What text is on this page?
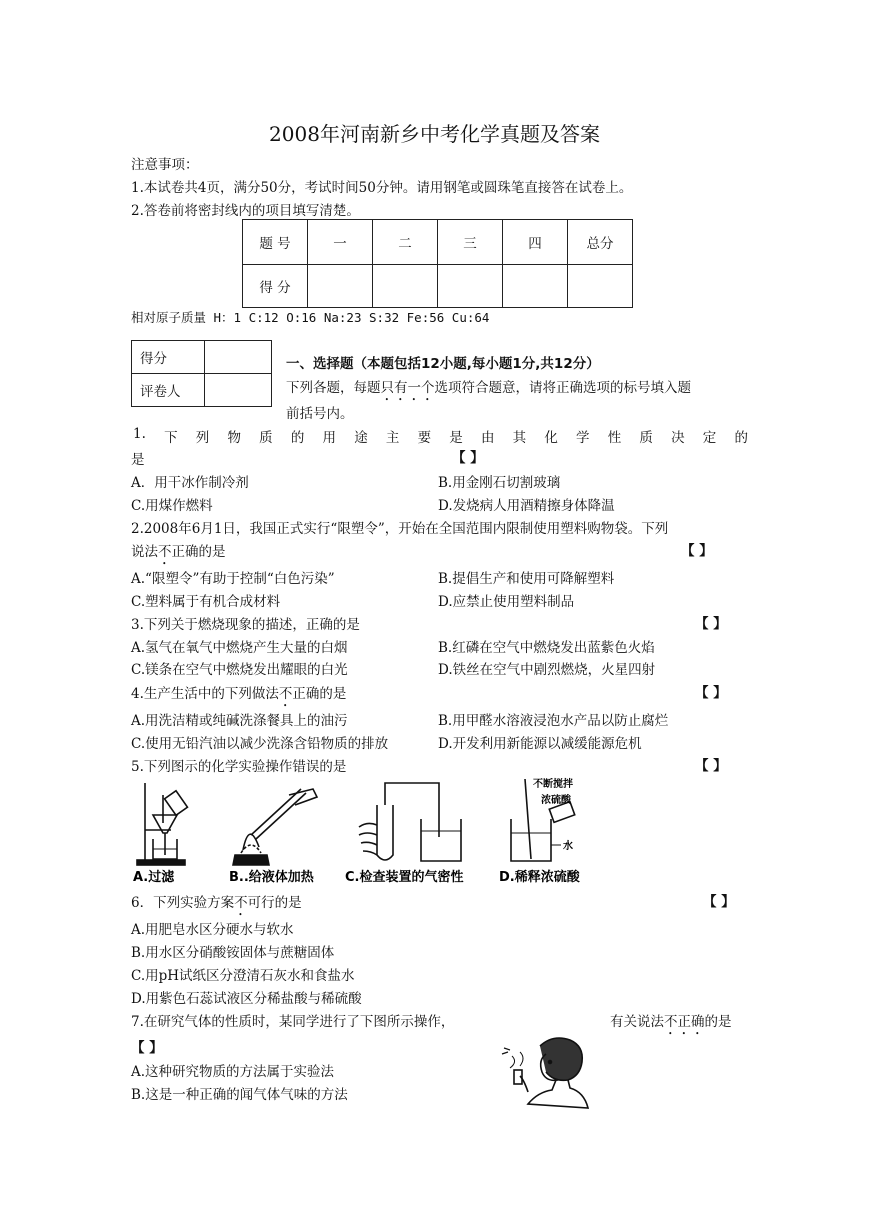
2008年河南新乡中考化学真题及答案
注意事项：
1.本试卷共4页，满分50分，考试时间50分钟。请用钢笔或圆珠笔直接答在试卷上。
2.答卷前将密封线内的项目填写清楚。
题 号	一	二	三	四	总分
得 分					
相对原子质量 H：1 C:12 O:16 Na:23 S:32 Fe:56 Cu:64
得分	
评卷人	
一、选择题（本题包括12小题,每小题1分,共12分）
下列各题，每题只有一个选项符合题意，请将正确选项的标号填入题
前括号内。
1. 下 列 物 质 的 用 途 主 要 是 由 其 化 学 性 质 决 定 的
是	【 】
A．用干冰作制冷剂	B.用金刚石切割玻璃
C.用煤作燃料	D.发烧病人用酒精擦身体降温
2.2008年6月1日，我国正式实行“限塑令”，开始在全国范围内限制使用塑料购物袋。下列
说法不正确的是	【 】
A.“限塑令”有助于控制“白色污染”	B.提倡生产和使用可降解塑料
C.塑料属于有机合成材料	D.应禁止使用塑料制品
3.下列关于燃烧现象的描述，正确的是	【 】
A.氢气在氧气中燃烧产生大量的白烟	B.红磷在空气中燃烧发出蓝紫色火焰
C.镁条在空气中燃烧发出耀眼的白光	D.铁丝在空气中剧烈燃烧，火星四射
4.生产生活中的下列做法不正确的是	【 】
A.用洗洁精或纯碱洗涤餐具上的油污	B.用甲醛水溶液浸泡水产品以防止腐烂
C.使用无铅汽油以减少洗涤含铅物质的排放	D.开发利用新能源以减缓能源危机
5.下列图示的化学实验操作错误的是	【 】
A.过滤	B..给液体加热 C.检查装置的气密性
不断搅拌
浓硫酸
水
D.稀释浓硫酸
6．下列实验方案不可行的是	【 】
A.用肥皂水区分硬水与软水
B.用水区分硝酸铵固体与蔗糖固体
C.用pH试纸区分澄清石灰水和食盐水
D.用紫色石蕊试液区分稀盐酸与稀硫酸
7.在研究气体的性质时，某同学进行了下图所示操作，	有关说法不正确的是
【 】
A.这种研究物质的方法属于实验法
B.这是一种正确的闻气体气味的方法
